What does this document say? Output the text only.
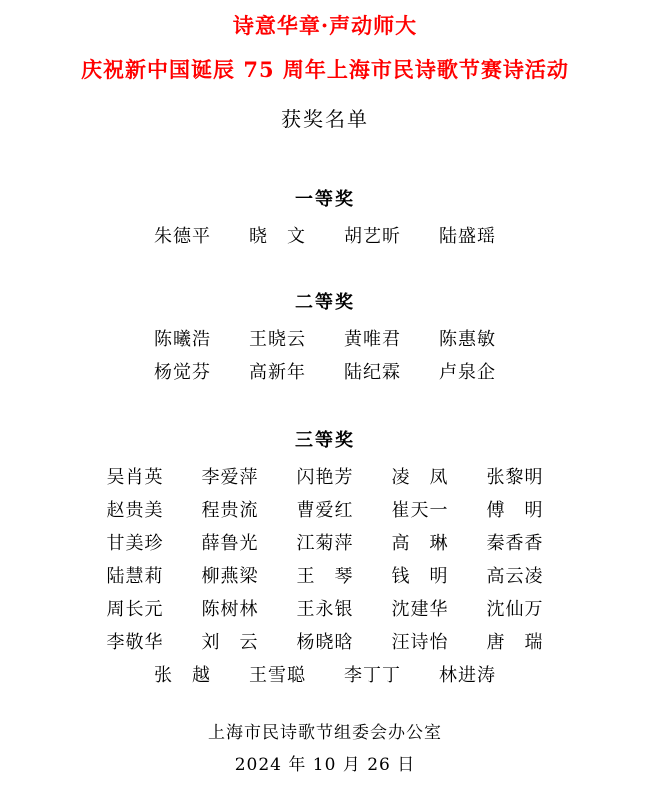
诗意华章·声动师大
庆祝新中国诞辰 75 周年上海市民诗歌节赛诗活动
获奖名单
一等奖
朱德平　　晓　文　　胡艺昕　　陆盛瑶
二等奖
陈曦浩　　王晓云　　黄唯君　　陈惠敏
杨觉芬　　高新年　　陆纪霖　　卢泉企
三等奖
吴肖英　　李爱萍　　闪艳芳　　凌　凤　　张黎明
赵贵美　　程贵流　　曹爱红　　崔天一　　傅　明
甘美珍　　薛鲁光　　江菊萍　　高　琳　　秦香香
陆慧莉　　柳燕梁　　王　琴　　钱　明　　高云凌
周长元　　陈树林　　王永银　　沈建华　　沈仙万
李敬华　　刘　云　　杨晓晗　　汪诗怡　　唐　瑞
张　越　　王雪聪　　李丁丁　　林进涛

上海市民诗歌节组委会办公室

2024 年 10 月 26 日
